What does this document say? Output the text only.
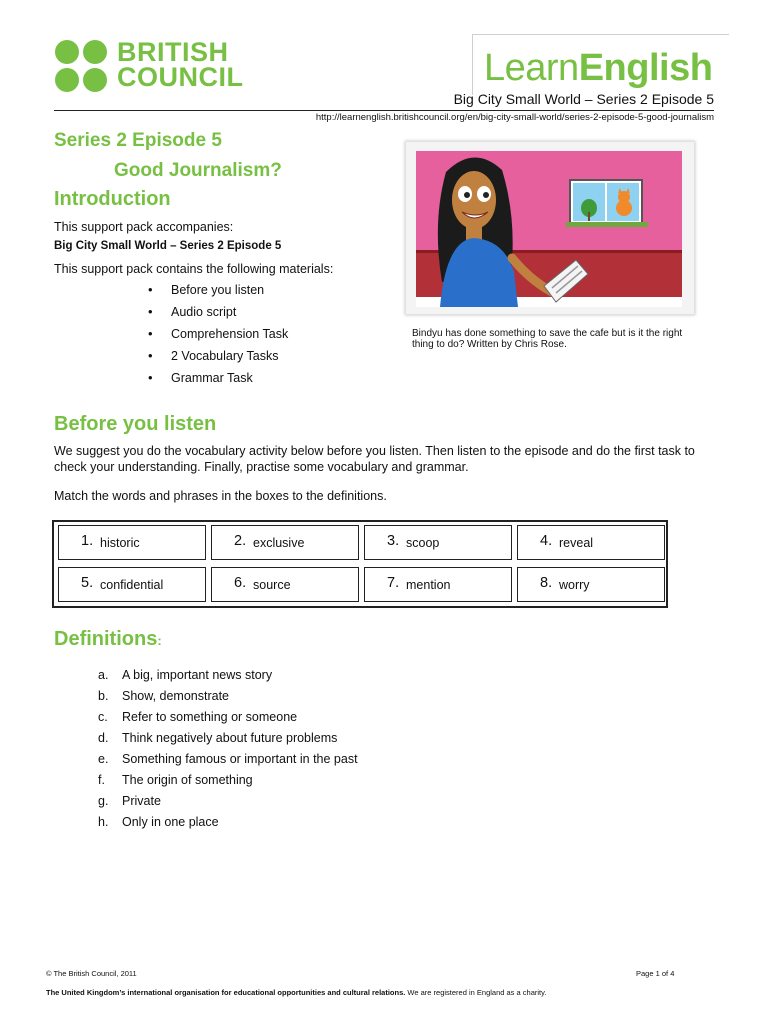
BRITISH
COUNCIL	LearnEnglish
Big City Small World – Series 2 Episode 5
http://learnenglish.britishcouncil.org/en/big-city-small-world/series-2-episode-5-good-journalism
Series 2 Episode 5
Good Journalism?
Introduction
This support pack accompanies:
Big City Small World – Series 2 Episode 5
This support pack contains the following materials:
• Before you listen
• Audio script
• Comprehension Task
• 2 Vocabulary Tasks
• Grammar Task
Bindyu has done something to save the cafe but is it the right thing to do? Written by Chris Rose.
Before you listen
We suggest you do the vocabulary activity below before you listen. Then listen to the episode and do the first task to check your understanding. Finally, practise some vocabulary and grammar.
Match the words and phrases in the boxes to the definitions.
1. historic	2. exclusive	3. scoop	4. reveal
5. confidential	6. source	7. mention	8. worry
Definitions:
a. A big, important news story
b. Show, demonstrate
c. Refer to something or someone
d. Think negatively about future problems
e. Something famous or important in the past
f. The origin of something
g. Private
h. Only in one place
© The British Council, 2011	Page 1 of 4
The United Kingdom’s international organisation for educational opportunities and cultural relations. We are registered in England as a charity.
